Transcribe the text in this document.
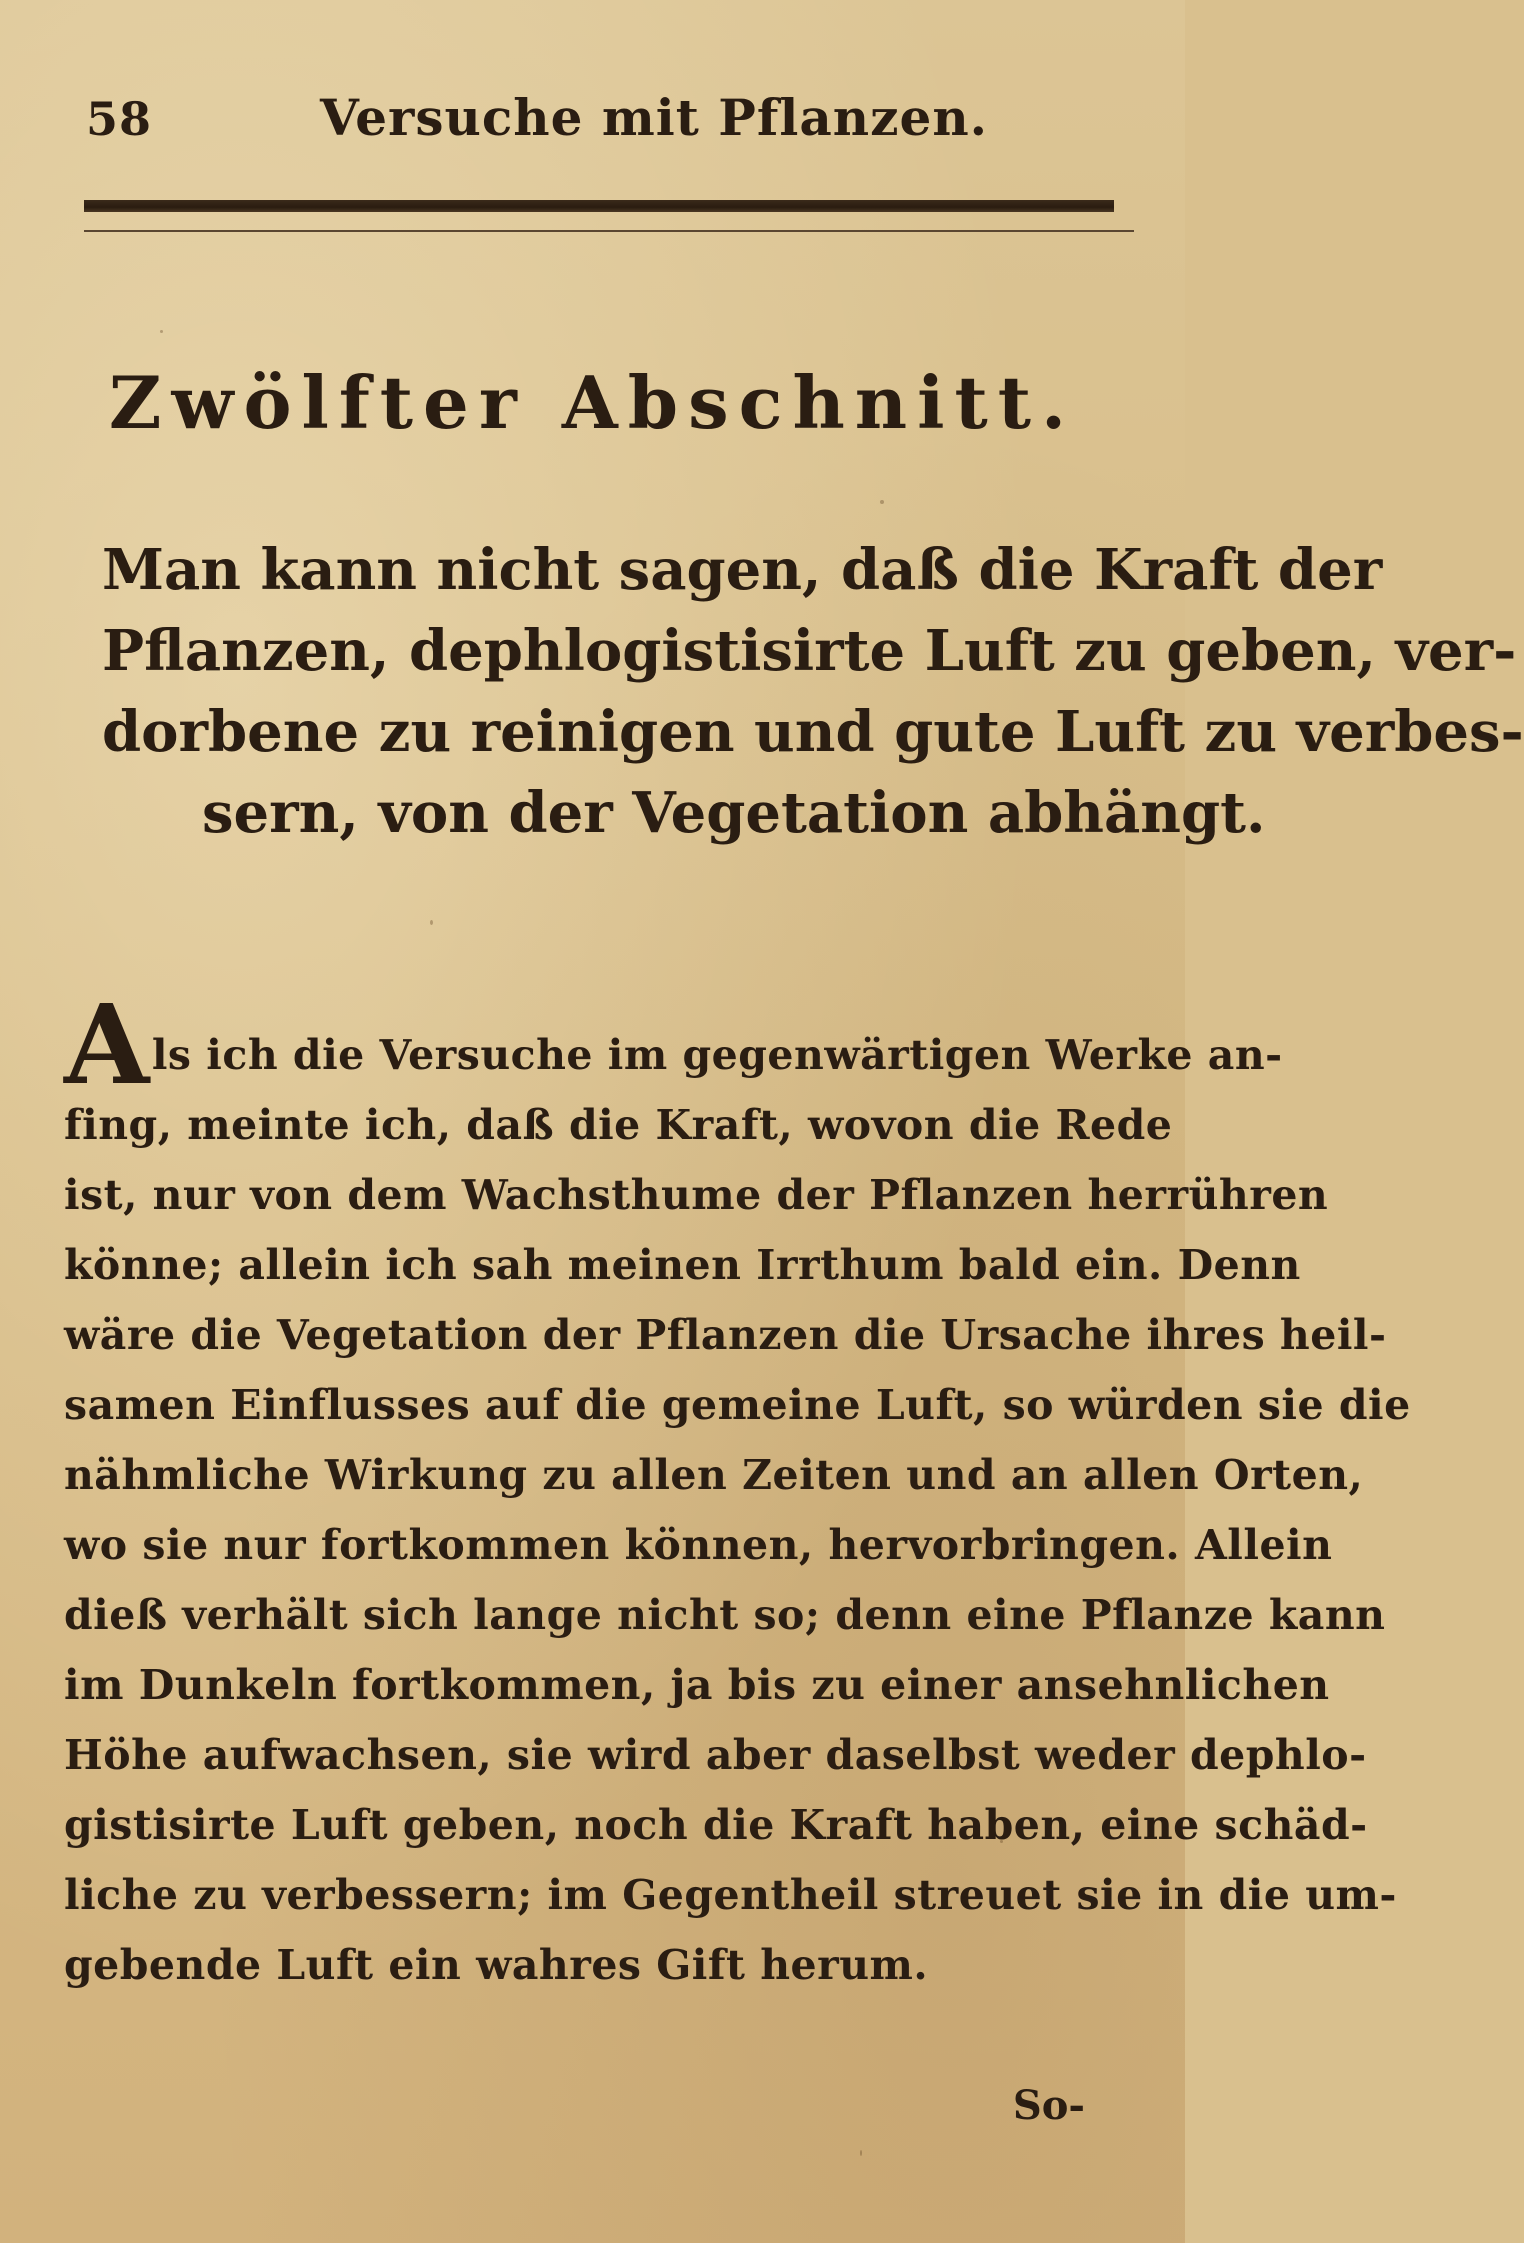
58	Versuche mit Pflanzen.
Zwölfter Abschnitt.
Man kann nicht sagen, daß die Kraft der
Pflanzen, dephlogistisirte Luft zu geben, ver-
dorbene zu reinigen und gute Luft zu verbes-
sern, von der Vegetation abhängt.
Als ich die Versuche im gegenwärtigen Werke an-
fing, meinte ich, daß die Kraft, wovon die Rede
ist, nur von dem Wachsthume der Pflanzen herrühren
könne; allein ich sah meinen Irrthum bald ein. Denn
wäre die Vegetation der Pflanzen die Ursache ihres heil-
samen Einflusses auf die gemeine Luft, so würden sie die
nähmliche Wirkung zu allen Zeiten und an allen Orten,
wo sie nur fortkommen können, hervorbringen. Allein
dieß verhält sich lange nicht so; denn eine Pflanze kann
im Dunkeln fortkommen, ja bis zu einer ansehnlichen
Höhe aufwachsen, sie wird aber daselbst weder dephlo-
gistisirte Luft geben, noch die Kraft haben, eine schäd-
liche zu verbessern; im Gegentheil streuet sie in die um-
gebende Luft ein wahres Gift herum.
So-
